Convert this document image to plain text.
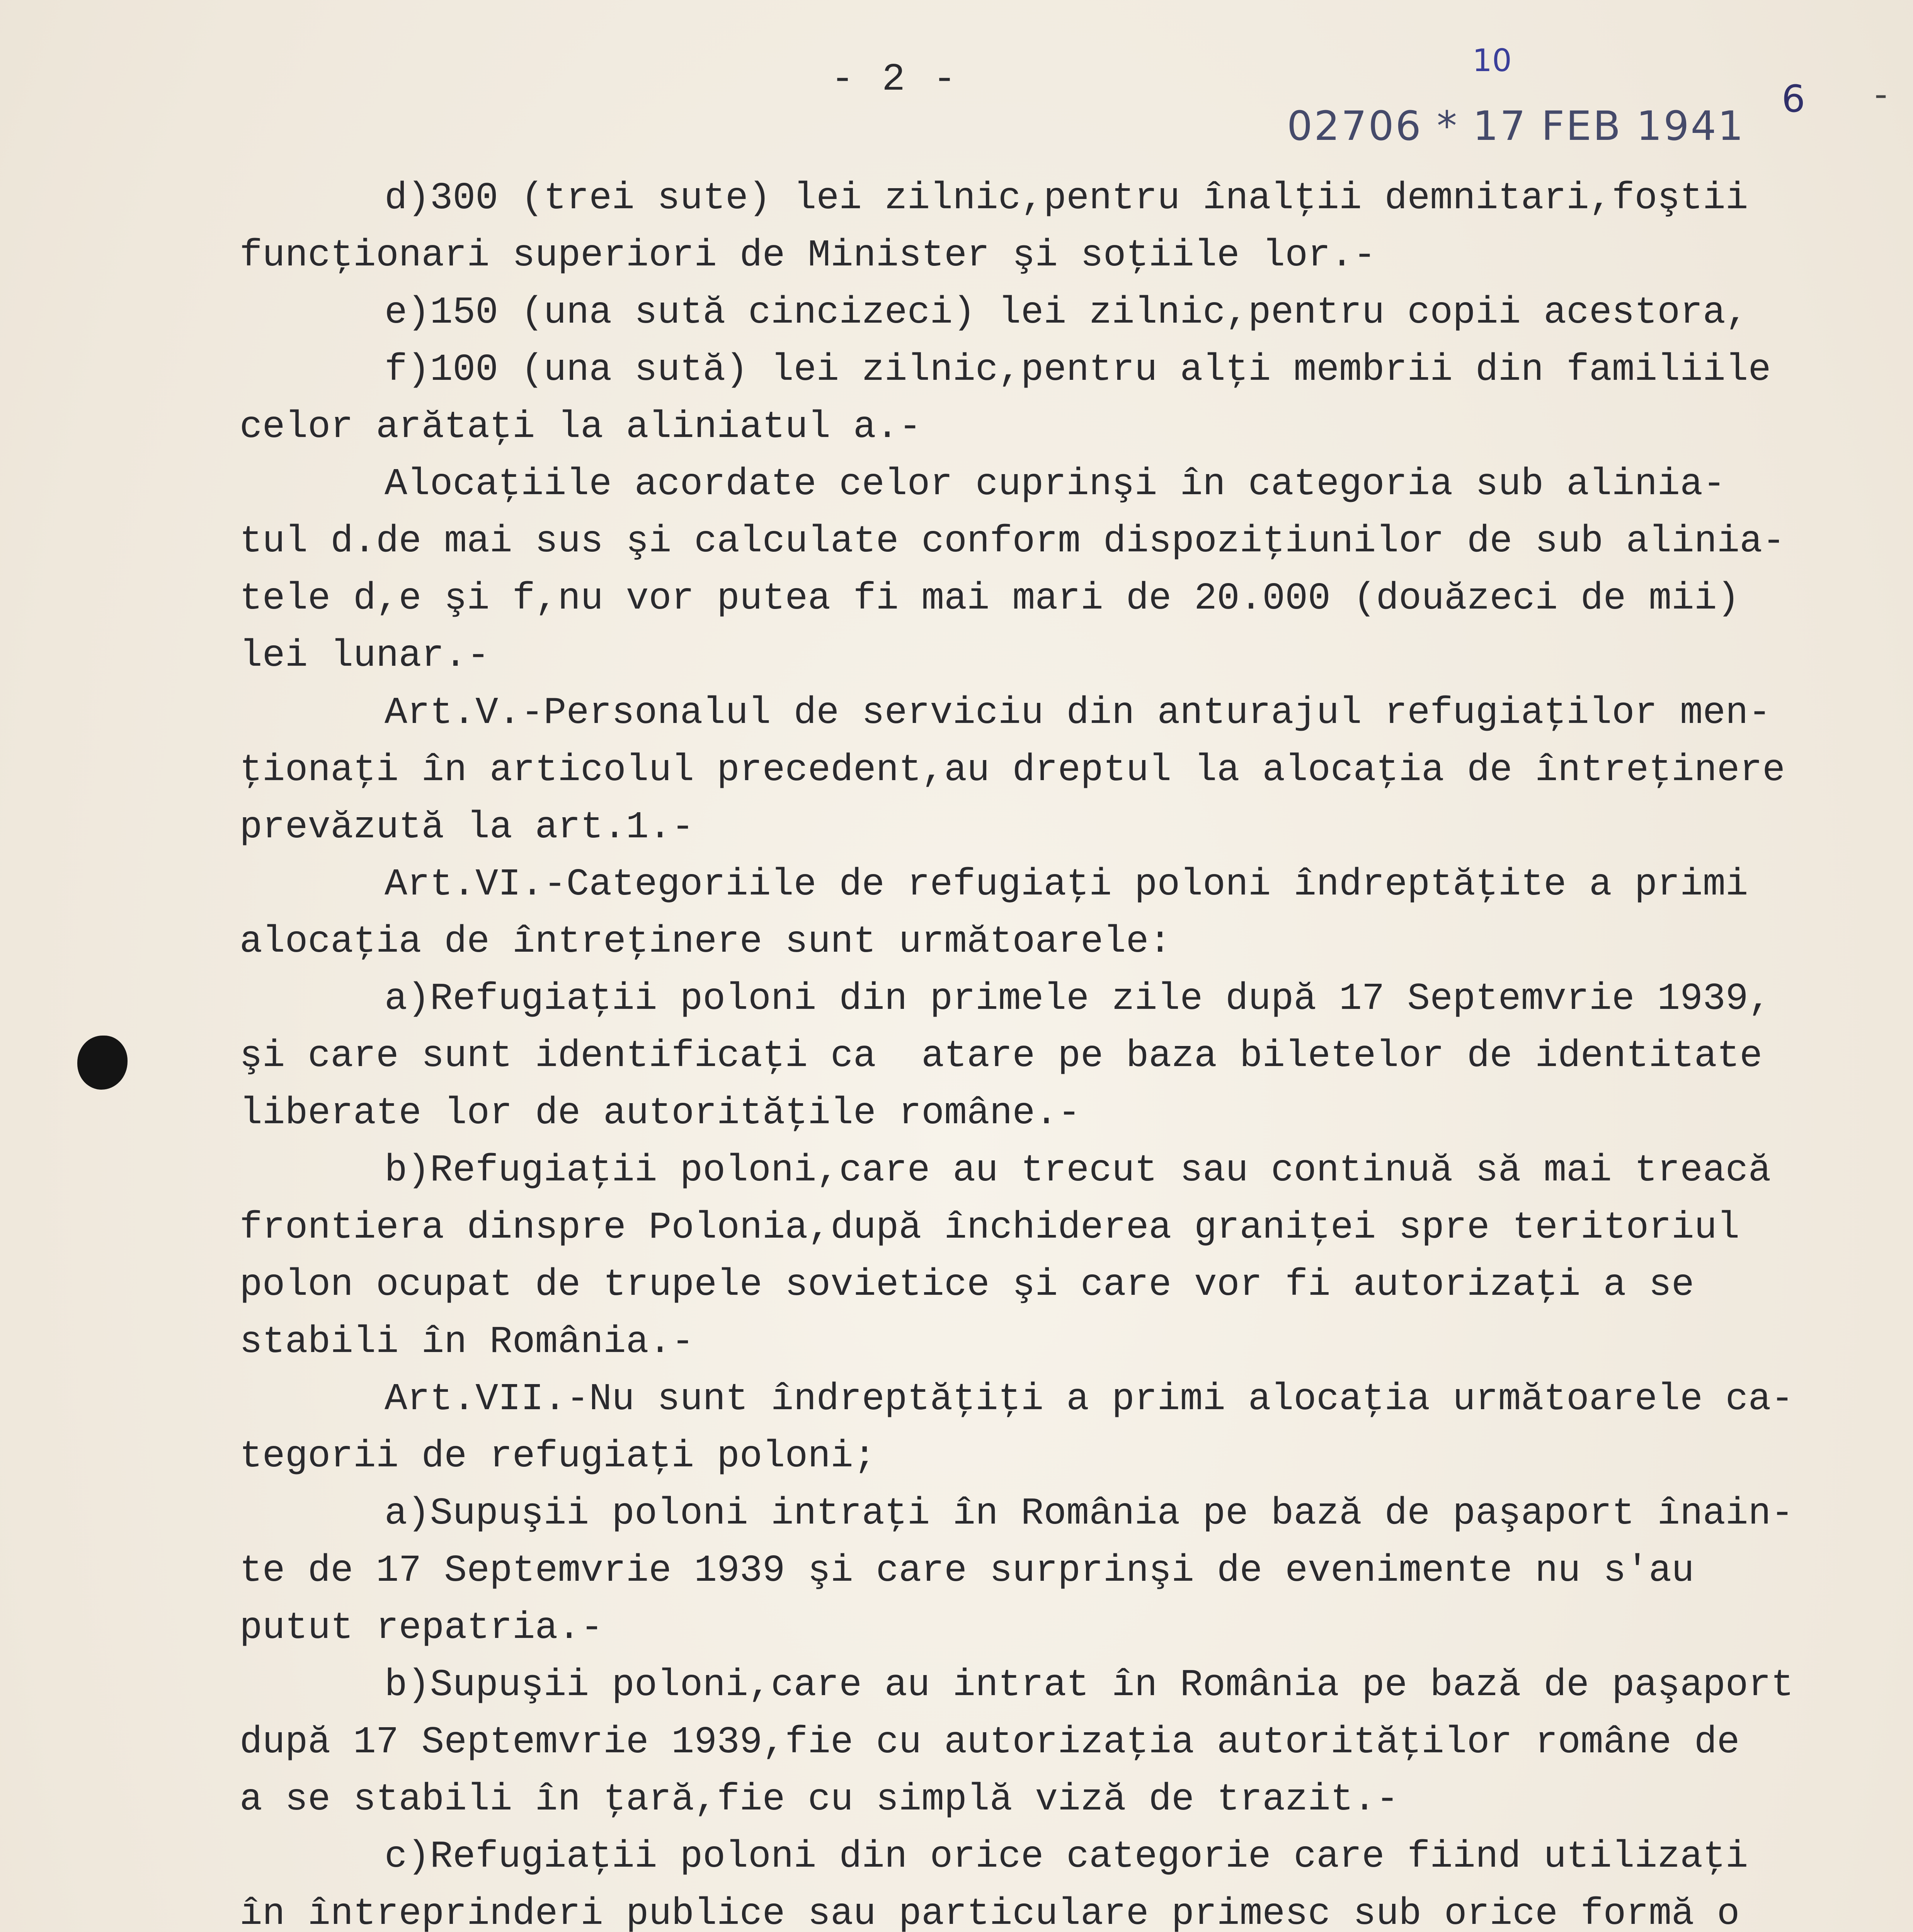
- 2 -	10
02706 * 17 FEB 1941
6 -
d)300 (trei sute) lei zilnic,pentru înalţii demnitari,foştii
funcţionari superiori de Minister şi soţiile lor.-
e)150 (una sută cincizeci) lei zilnic,pentru copii acestora,
f)100 (una sută) lei zilnic,pentru alţi membrii din familiile
celor arătaţi la aliniatul a.-
Alocaţiile acordate celor cuprinşi în categoria sub alinia-
tul d.de mai sus şi calculate conform dispoziţiunilor de sub alinia-
tele d,e şi f,nu vor putea fi mai mari de 20.000 (douăzeci de mii)
lei lunar.-
Art.V.-Personalul de serviciu din anturajul refugiaţilor men-
ţionaţi în articolul precedent,au dreptul la alocaţia de întreţinere
prevăzută la art.1.-
Art.VI.-Categoriile de refugiaţi poloni îndreptăţite a primi
alocaţia de întreţinere sunt următoarele:
a)Refugiaţii poloni din primele zile după 17 Septemvrie 1939,
şi care sunt identificaţi ca  atare pe baza biletelor de identitate
liberate lor de autorităţile române.-
b)Refugiaţii poloni,care au trecut sau continuă să mai treacă
frontiera dinspre Polonia,după închiderea graniţei spre teritoriul
polon ocupat de trupele sovietice şi care vor fi autorizaţi a se
stabili în România.-
Art.VII.-Nu sunt îndreptăţiţi a primi alocaţia următoarele ca-
tegorii de refugiaţi poloni;
a)Supuşii poloni intraţi în România pe bază de paşaport înain-
te de 17 Septemvrie 1939 şi care surprinşi de evenimente nu s'au
putut repatria.-
b)Supuşii poloni,care au intrat în România pe bază de paşaport
după 17 Septemvrie 1939,fie cu autorizaţia autorităţilor române de
a se stabili în ţară,fie cu simplă viză de trazit.-
c)Refugiaţii poloni din orice categorie care fiind utilizaţi
în întreprinderi publice sau particulare primesc sub orice formă o
